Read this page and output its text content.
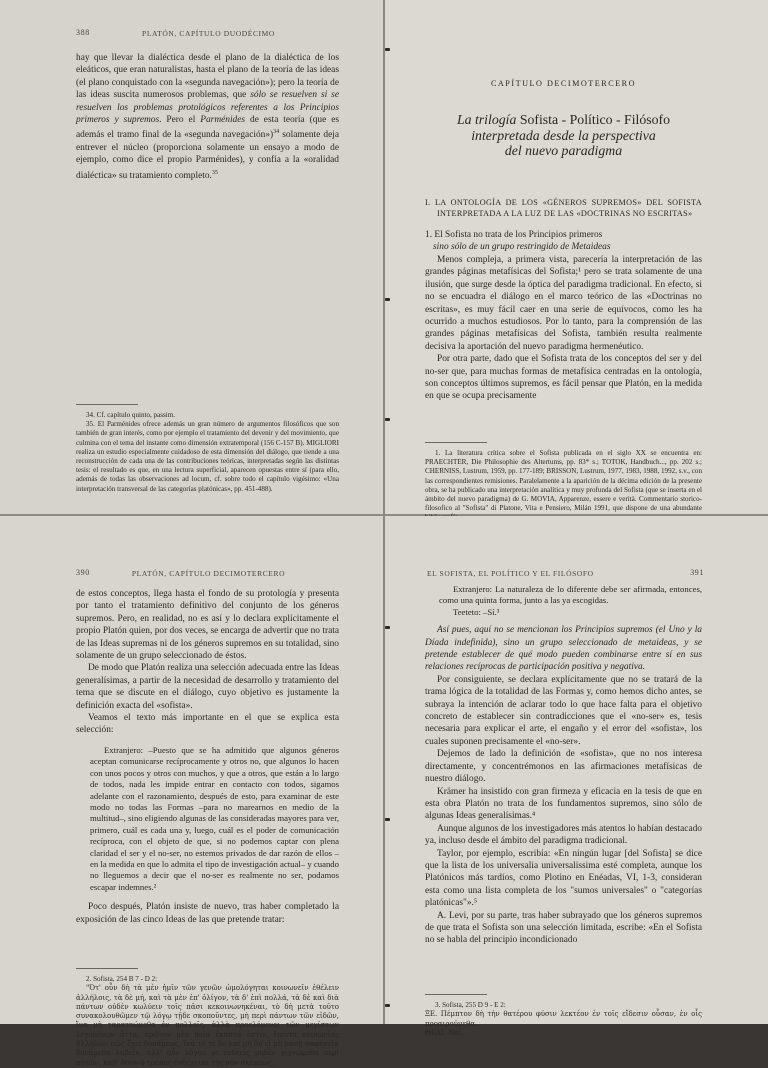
388	PLATÓN, CAPÍTULO DUODÉCIMO

hay que llevar la dialéctica desde el plano de la dialéctica de los eleáticos, que eran naturalistas, hasta el plano de la teoría de las ideas (el plano conquistado con la «segunda navegación»); pero la teoría de las ideas suscita numerosos problemas, que sólo se resuelven si se resuelven los problemas protológicos referentes a los Principios primeros y supremos. Pero el Parménides de esta teoría (que es además el tramo final de la «segunda navegación»)$^{34}$ solamente deja entrever el núcleo (proporciona solamente un ensayo a modo de ejemplo, como dice el propio Parménides), y confía a la «oralidad dialéctica» su tratamiento completo.$^{35}$

34. Cf. capítulo quinto, passim.

35. El Parménides ofrece además un gran número de argumentos filosóficos que son también de gran interés, como por ejemplo el tratamiento del devenir y del movimiento, que culmina con el tema del instante como dimensión extratemporal (156 C-157 B). MIGLIORI realiza un estudio especialmente cuidadoso de esta dimensión del diálogo, que tiende a una reconstrucción de cada una de las contribuciones teóricas, interpretadas según las distintas tesis: el resultado es que, en una lectura superficial, aparecen opuestas entre sí (para ello, además de todas las observaciones ad locum, cf. sobre todo el capítulo vigésimo: «Una interpretación transversal de las categorías platónicas», pp. 451-488).

CAPÍTULO DECIMOTERCERO
La trilogía Sofista - Político - Filósofo
interpretada desde la perspectiva
del nuevo paradigma
I. LA ONTOLOGÍA DE LOS «GÉNEROS SUPREMOS» DEL SOFISTA INTERPRETADA A LA LUZ DE LAS «DOCTRINAS NO ESCRITAS»
1. El Sofista no trata de los Principios primeros
sino sólo de un grupo restringido de Metaideas

Menos compleja, a primera vista, parecería la interpretación de las grandes páginas metafísicas del Sofista;¹ pero se trata solamente de una ilusión, que surge desde la óptica del paradigma tradicional. En efecto, si no se encuadra el diálogo en el marco teórico de las «Doctrinas no escritas», es muy fácil caer en una serie de equívocos, como les ha ocurrido a muchos estudiosos. Por lo tanto, para la comprensión de las grandes páginas metafísicas del Sofista, también resulta realmente decisiva la aportación del nuevo paradigma hermenéutico.

Por otra parte, dado que el Sofista trata de los conceptos del ser y del no-ser que, para muchas formas de metafísica centradas en la ontología, son conceptos últimos supremos, es fácil pensar que Platón, en la medida en que se ocupa precisamente

1. La literatura crítica sobre el Sofista publicada en el siglo XX se encuentra en: PRAECHTER, Die Philosophie des Altertums, pp. 83* s.; TOTOK, Handbuch..., pp. 202 s.; CHERNISS, Lustrum, 1959, pp. 177-189; BRISSON, Lustrum, 1977, 1983, 1988, 1992, s.v., con las correspondientes remisiones. Paralelamente a la aparición de la décima edición de la presente obra, se ha publicado una interpretación analítica y muy profunda del Sofista (que se inserta en el ámbito del nuevo paradigma) de G. MOVIA, Apparenze, essere e verità. Commentario storico-filosofico al "Sofista" di Platone, Vita e Pensiero, Milán 1991, que dispone de una abundante

390	PLATÓN, CAPÍTULO DECIMOTERCERO

de estos conceptos, llega hasta el fondo de su protología y presenta por tanto el tratamiento definitivo del conjunto de los géneros supremos. Pero, en realidad, no es así y lo declara explícitamente el propio Platón quien, por dos veces, se encarga de advertir que no trata de las Ideas supremas ni de los géneros supremos en su totalidad, sino solamente de un grupo seleccionado de éstos.

De modo que Platón realiza una selección adecuada entre las Ideas generalísimas, a partir de la necesidad de desarrollo y tratamiento del tema que se discute en el diálogo, cuyo objetivo es justamente la definición exacta del «sofista».

Veamos el texto más importante en el que se explica esta selección:

Extranjero: –Puesto que se ha admitido que algunos géneros aceptan comunicarse recíprocamente y otros no, que algunos lo hacen con unos pocos y otros con muchos, y que a otros, que están a lo largo de todos, nada les impide entrar en contacto con todos, sigamos adelante con el razonamiento, después de esto, para examinar de este modo no todas las Formas –para no marearnos en medio de la multitud–, sino eligiendo algunas de las consideradas mayores para ver, primero, cuál es cada una y, luego, cuál es el poder de comunicación recíproca, con el objeto de que, si no podemos captar con plena claridad el ser y el no-ser, no estemos privados de dar razón de ellos –en la medida en que lo admita el tipo de investigación actual– y cuando no lleguemos a decir que el no-ser es realmente no ser, podamos escapar indemnes.²

Poco después, Platón insiste de nuevo, tras haber completado la exposición de las cinco Ideas de las que pretende tratar:

2. Sofista, 254 B 7 - D 2:

"Ότ' οὖν δὴ τὰ μὲν ἡμῖν τῶν γενῶν ὡμολόγηται κοινωνεῖν ἐθέλειν ἀλλήλοις, τὰ δὲ μή, καὶ τὰ μὲν ἐπ' ὀλίγον, τὰ δ' ἐπὶ πολλά, τὰ δὲ καὶ διὰ πάντων οὐδὲν κωλύειν τοῖς πᾶσι κεκοινωνηκέναι, τὸ δὴ μετὰ τοῦτο συνακολουθῶμεν τῷ λόγῳ τῇδε σκοποῦντες, μὴ περὶ πάντων τῶν εἰδῶν, ἵνα μὴ ταραττώμεθα ἐν πολλοῖς, ἀλλὰ προελόμενοι τῶν μεγίστων λεγομένων ἄττα, πρῶτον μὲν ποῖα ἕκαστά ἐστιν, ἔπειτα κοινωνίας ἀλλήλων πῶς ἔχει δυνάμεως, ἵνα τό τε ὂν καὶ μὴ ὂν εἰ μὴ πάσῃ σαφηνείᾳ δυνάμεθα λαβεῖν, ἀλλ' οὖν λόγου γε ἐνδεεῖς μηδὲν γιγνώμεθα περὶ αὐτῶν, καθ' ὅσον ὁ τρόπος ἐνδέχεται τῆς νῦν σκέψεως.
EL SOFISTA, EL POLÍTICO Y EL FILÓSOFO	391

Extranjero: La naturaleza de lo diferente debe ser afirmada, entonces, como una quinta forma, junto a las ya escogidas.

Teeteto: –Sí.³

Así pues, aquí no se mencionan los Principios supremos (el Uno y la Díada indefinida), sino un grupo seleccionado de metaideas, y se pretende establecer de qué modo pueden combinarse entre sí en sus relaciones recíprocas de participación positiva y negativa.

Por consiguiente, se declara explícitamente que no se tratará de la trama lógica de la totalidad de las Formas y, como hemos dicho antes, se subraya la intención de aclarar todo lo que hace falta para el objetivo concreto de establecer sin contradicciones que el «no-ser» es, tesis necesaria para explicar el arte, el engaño y el error del «sofista», los cuales suponen precisamente el «no-ser».

Dejemos de lado la definición de «sofista», que no nos interesa directamente, y concentrémonos en las afirmaciones metafísicas de nuestro diálogo.

Krämer ha insistido con gran firmeza y eficacia en la tesis de que en esta obra Platón no trata de los fundamentos supremos, sino sólo de algunas Ideas generalísimas.⁴

Aunque algunos de los investigadores más atentos lo habían destacado ya, incluso desde el ámbito del paradigma tradicional.

Taylor, por ejemplo, escribía: «En ningún lugar [del Sofista] se dice que la lista de los universalia universalissima esté completa, aunque los Platónicos más tardíos, como Plotino en Enéadas, VI, 1-3, consideran esta como una lista completa de los "sumos universales" o "categorías platónicas"».⁵

A. Levi, por su parte, tras haber subrayado que los géneros supremos de que trata el Sofista son una selección limitada, escribe: «En el Sofista no se habla del principio incondicionado

3. Sofista, 255 D 9 - E 2:

ΞΕ. Πέμπτον δὴ τὴν θατέρου φύσιν λεκτέον ἐν τοῖς εἴδεσιν οὖσαν, ἐν οἷς προαιρούμεθα.
ΘΕΑΙ. Ναί.
